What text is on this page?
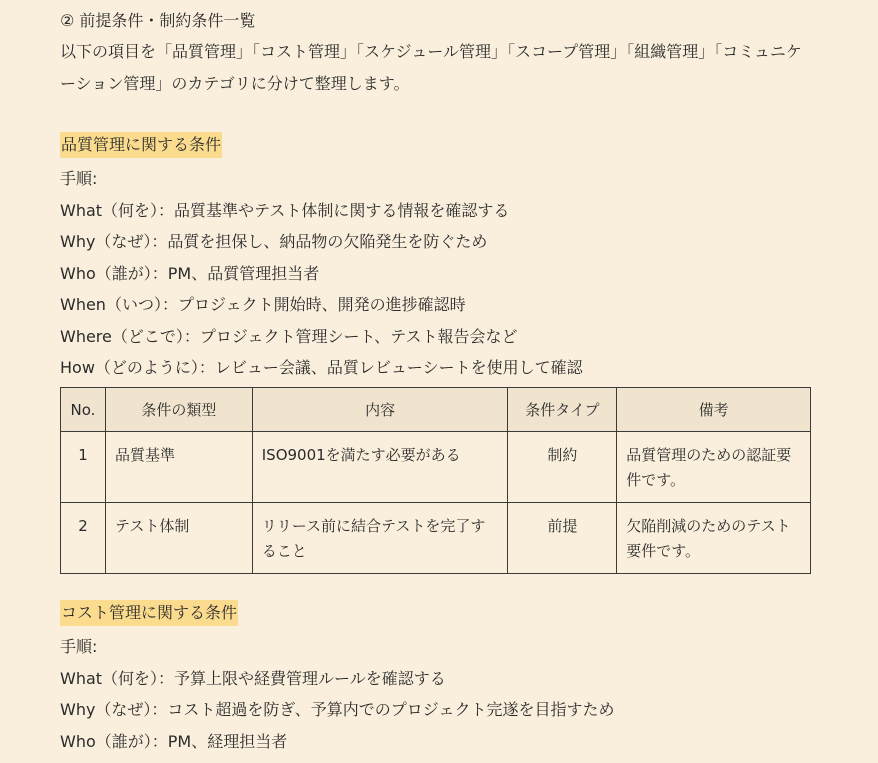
② 前提条件・制約条件一覧
以下の項目を「品質管理」「コスト管理」「スケジュール管理」「スコープ管理」「組織管理」「コミュニケーション管理」のカテゴリに分けて整理します。
品質管理に関する条件
手順:
What（何を）：品質基準やテスト体制に関する情報を確認する
Why（なぜ）：品質を担保し、納品物の欠陥発生を防ぐため
Who（誰が）：PM、品質管理担当者
When（いつ）：プロジェクト開始時、開発の進捗確認時
Where（どこで）：プロジェクト管理シート、テスト報告会など
How（どのように）：レビュー会議、品質レビューシートを使用して確認
No.	条件の類型	内容	条件タイプ	備考
1	品質基準	ISO9001を満たす必要がある	制約	品質管理のための認証要件です。
2	テスト体制	リリース前に結合テストを完了すること	前提	欠陥削減のためのテスト要件です。
コスト管理に関する条件
手順:
What（何を）：予算上限や経費管理ルールを確認する
Why（なぜ）：コスト超過を防ぎ、予算内でのプロジェクト完遂を目指すため
Who（誰が）：PM、経理担当者
